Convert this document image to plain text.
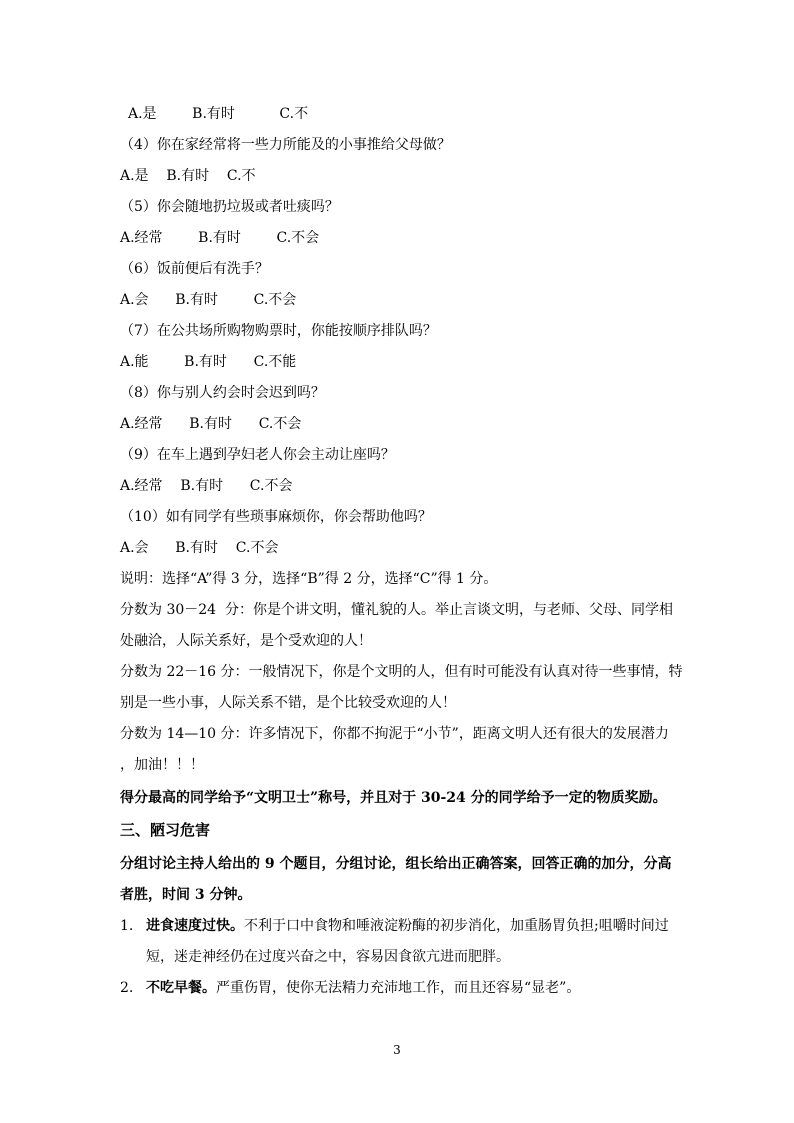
A.是        B.有时          C.不

（4）你在家经常将一些力所能及的小事推给父母做？

A.是    B.有时    C.不

（5）你会随地扔垃圾或者吐痰吗？

A.经常        B.有时        C.不会

（6）饭前便后有洗手？

A.会      B.有时        C.不会

（7）在公共场所购物购票时，你能按顺序排队吗？

A.能        B.有时      C.不能

（8）你与别人约会时会迟到吗？

A.经常      B.有时      C.不会

（9）在车上遇到孕妇老人你会主动让座吗？

A.经常    B.有时      C.不会

（10）如有同学有些琐事麻烦你，你会帮助他吗？

A.会      B.有时    C.不会

说明：选择“A”得 3 分，选择“B”得 2 分，选择“C”得 1 分。

分数为 30－24  分：你是个讲文明，懂礼貌的人。举止言谈文明，与老师、父母、同学相

处融洽，人际关系好，是个受欢迎的人！

分数为 22－16 分：一般情况下，你是个文明的人，但有时可能没有认真对待一些事情，特

别是一些小事，人际关系不错，是个比较受欢迎的人！

分数为 14—10 分：许多情况下，你都不拘泥于“小节”，距离文明人还有很大的发展潜力

，加油！！！

得分最高的同学给予“文明卫士”称号，并且对于 30-24 分的同学给予一定的物质奖励。

三、陋习危害

分组讨论主持人给出的 9 个题目，分组讨论，组长给出正确答案，回答正确的加分，分高

者胜，时间 3 分钟。

1. 进食速度过快。不利于口中食物和唾液淀粉酶的初步消化，加重肠胃负担;咀嚼时间过

短，迷走神经仍在过度兴奋之中，容易因食欲亢进而肥胖。

2. 不吃早餐。严重伤胃，使你无法精力充沛地工作，而且还容易“显老”。

3
